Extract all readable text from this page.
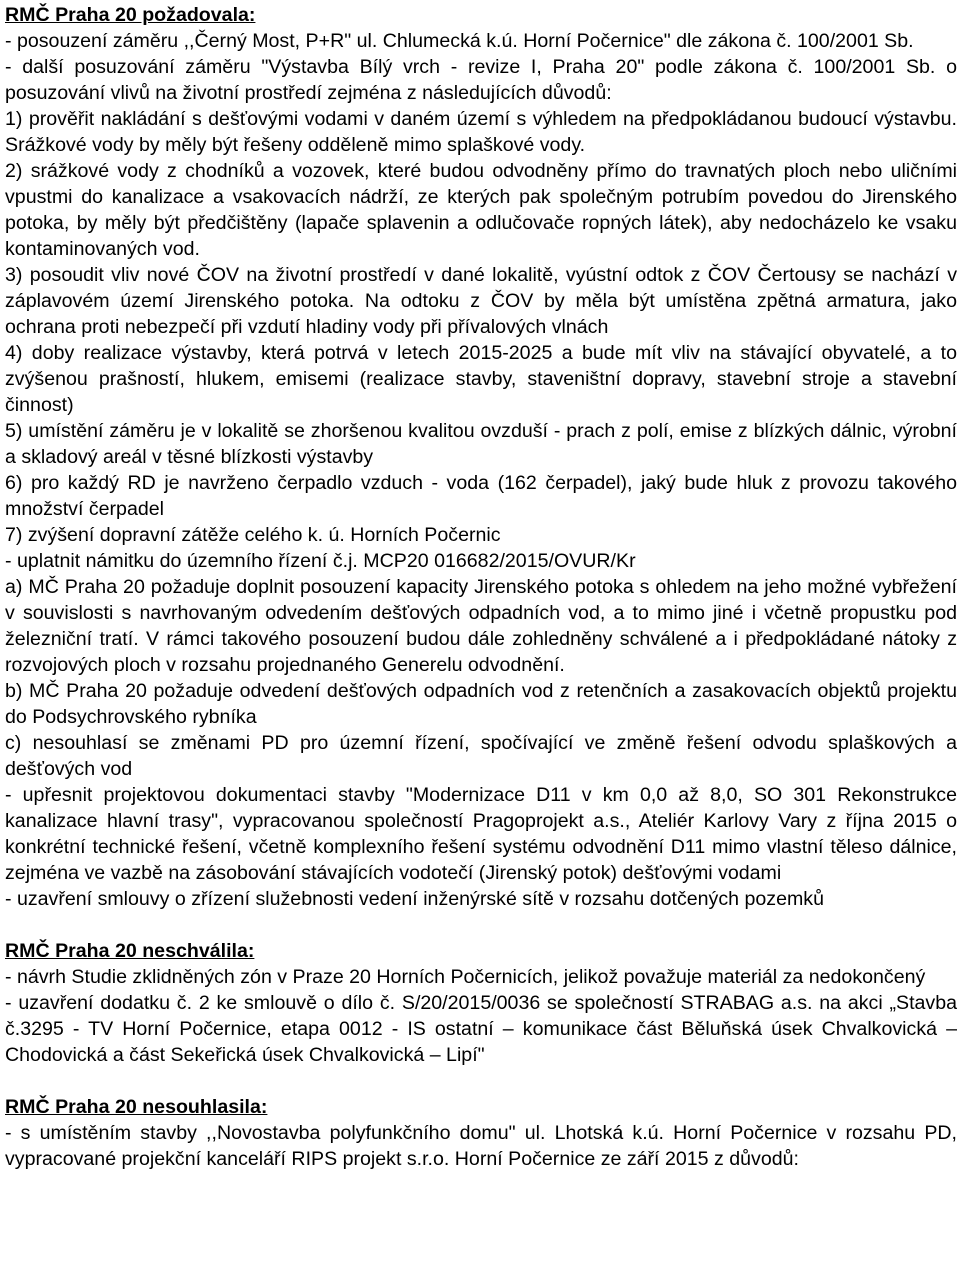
RMČ Praha 20 požadovala:

- posouzení záměru ,,Černý Most, P+R" ul. Chlumecká k.ú. Horní Počernice" dle zákona č. 100/2001 Sb.

- další posuzování záměru "Výstavba Bílý vrch - revize I, Praha 20" podle zákona č. 100/2001 Sb. o posuzování vlivů na životní prostředí zejména z následujících důvodů:

1) prověřit nakládání s dešťovými vodami v daném území s výhledem na předpokládanou budoucí výstavbu. Srážkové vody by měly být řešeny odděleně mimo splaškové vody.

2) srážkové vody z chodníků a vozovek, které budou odvodněny přímo do travnatých ploch nebo uličními vpustmi do kanalizace a vsakovacích nádrží, ze kterých pak společným potrubím povedou do Jirenského potoka, by měly být předčištěny (lapače splavenin a odlučovače ropných látek), aby nedocházelo ke vsaku kontaminovaných vod.

3) posoudit vliv nové ČOV na životní prostředí v dané lokalitě, vyústní odtok z ČOV Čertousy se nachází v záplavovém území Jirenského potoka. Na odtoku z ČOV by měla být umístěna zpětná armatura, jako ochrana proti nebezpečí při vzdutí hladiny vody při přívalových vlnách

4) doby realizace výstavby, která potrvá v letech 2015-2025 a bude mít vliv na stávající obyvatelé, a to zvýšenou prašností, hlukem, emisemi (realizace stavby, staveništní dopravy, stavební stroje a stavební činnost)

5) umístění záměru je v lokalitě se zhoršenou kvalitou ovzduší - prach z polí, emise z blízkých dálnic, výrobní a skladový areál v těsné blízkosti výstavby

6) pro každý RD je navrženo čerpadlo vzduch - voda (162 čerpadel), jaký bude hluk z provozu takového množství čerpadel

7) zvýšení dopravní zátěže celého k. ú. Horních Počernic

- uplatnit námitku do územního řízení č.j. MCP20 016682/2015/OVUR/Kr

a) MČ Praha 20 požaduje doplnit posouzení kapacity Jirenského potoka s ohledem na jeho možné vybřežení v souvislosti s navrhovaným odvedením dešťových odpadních vod, a to mimo jiné i včetně propustku pod železniční tratí. V rámci takového posouzení budou dále zohledněny schválené a i předpokládané nátoky z rozvojových ploch v rozsahu projednaného Generelu odvodnění.

b) MČ Praha 20 požaduje odvedení dešťových odpadních vod z retenčních a zasakovacích objektů projektu do Podsychrovského rybníka

c) nesouhlasí se změnami PD pro územní řízení, spočívající ve změně řešení odvodu splaškových a dešťových vod

- upřesnit projektovou dokumentaci stavby "Modernizace D11 v km 0,0 až 8,0, SO 301 Rekonstrukce kanalizace hlavní trasy", vypracovanou společností Pragoprojekt a.s., Ateliér Karlovy Vary z října 2015 o konkrétní technické řešení, včetně komplexního řešení systému odvodnění D11 mimo vlastní těleso dálnice, zejména ve vazbě na zásobování stávajících vodotečí (Jirenský potok) dešťovými vodami

- uzavření smlouvy o zřízení služebnosti vedení inženýrské sítě v rozsahu dotčených pozemků

RMČ Praha 20 neschválila:

- návrh Studie zklidněných zón v Praze 20 Horních Počernicích, jelikož považuje materiál za nedokončený

- uzavření dodatku č. 2 ke smlouvě o dílo č. S/20/2015/0036 se společností STRABAG a.s. na akci „Stavba č.3295 - TV Horní Počernice, etapa 0012 - IS ostatní – komunikace část Běluňská úsek Chvalkovická – Chodovická a část Sekeřická úsek Chvalkovická – Lipí"

RMČ Praha 20 nesouhlasila:

- s umístěním stavby ,,Novostavba polyfunkčního domu" ul. Lhotská k.ú. Horní Počernice v rozsahu PD, vypracované projekční kanceláří RIPS projekt s.r.o. Horní Počernice ze září 2015 z důvodů:
